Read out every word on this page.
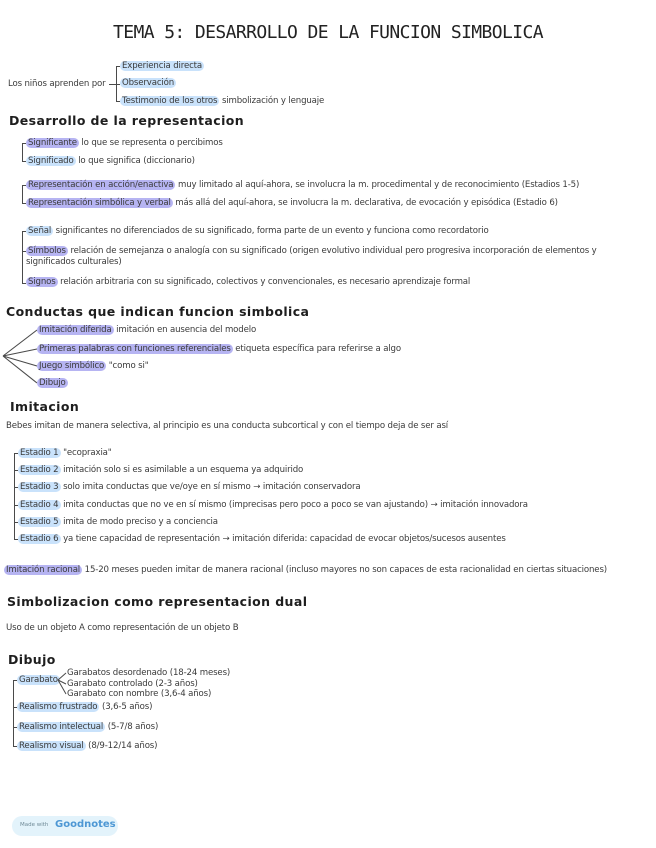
TEMA 5: DESARROLLO DE LA FUNCION SIMBOLICA
Los niños aprenden por
Experiencia directa
Observación
Testimonio de los otros simbolización y lenguaje
Desarrollo de la representacion
Significante lo que se representa o percibimos
Significado lo que significa (diccionario)
Representación en acción/enactiva muy limitado al aquí-ahora, se involucra la m. procedimental y de reconocimiento (Estadios 1-5)
Representación simbólica y verbal más allá del aquí-ahora, se involucra la m. declarativa, de evocación y episódica (Estadio 6)
Señal significantes no diferenciados de su significado, forma parte de un evento y funciona como recordatorio
Símbolos relación de semejanza o analogía con su significado (origen evolutivo individual pero progresiva incorporación de elementos y
significados culturales)
Signos relación arbitraria con su significado, colectivos y convencionales, es necesario aprendizaje formal
Conductas que indican funcion simbolica
Imitación diferida imitación en ausencia del modelo
Primeras palabras con funciones referenciales etiqueta específica para referirse a algo
Juego simbólico "como si"
Dibujo
Imitacion
Bebes imitan de manera selectiva, al principio es una conducta subcortical y con el tiempo deja de ser así
Estadio 1 "ecopraxia"
Estadio 2 imitación solo si es asimilable a un esquema ya adquirido
Estadio 3 solo imita conductas que ve/oye en sí mismo → imitación conservadora
Estadio 4 imita conductas que no ve en sí mismo (imprecisas pero poco a poco se van ajustando) → imitación innovadora
Estadio 5 imita de modo preciso y a conciencia
Estadio 6 ya tiene capacidad de representación → imitación diferida: capacidad de evocar objetos/sucesos ausentes
Imitación racional 15-20 meses pueden imitar de manera racional (incluso mayores no son capaces de esta racionalidad en ciertas situaciones)
Simbolizacion como representacion dual
Uso de un objeto A como representación de un objeto B
Dibujo
Garabato
Garabatos desordenado (18-24 meses)
Garabato controlado (2-3 años)
Garabato con nombre (3,6-4 años)
Realismo frustrado (3,6-5 años)
Realismo intelectual (5-7/8 años)
Realismo visual (8/9-12/14 años)
Made with Goodnotes
